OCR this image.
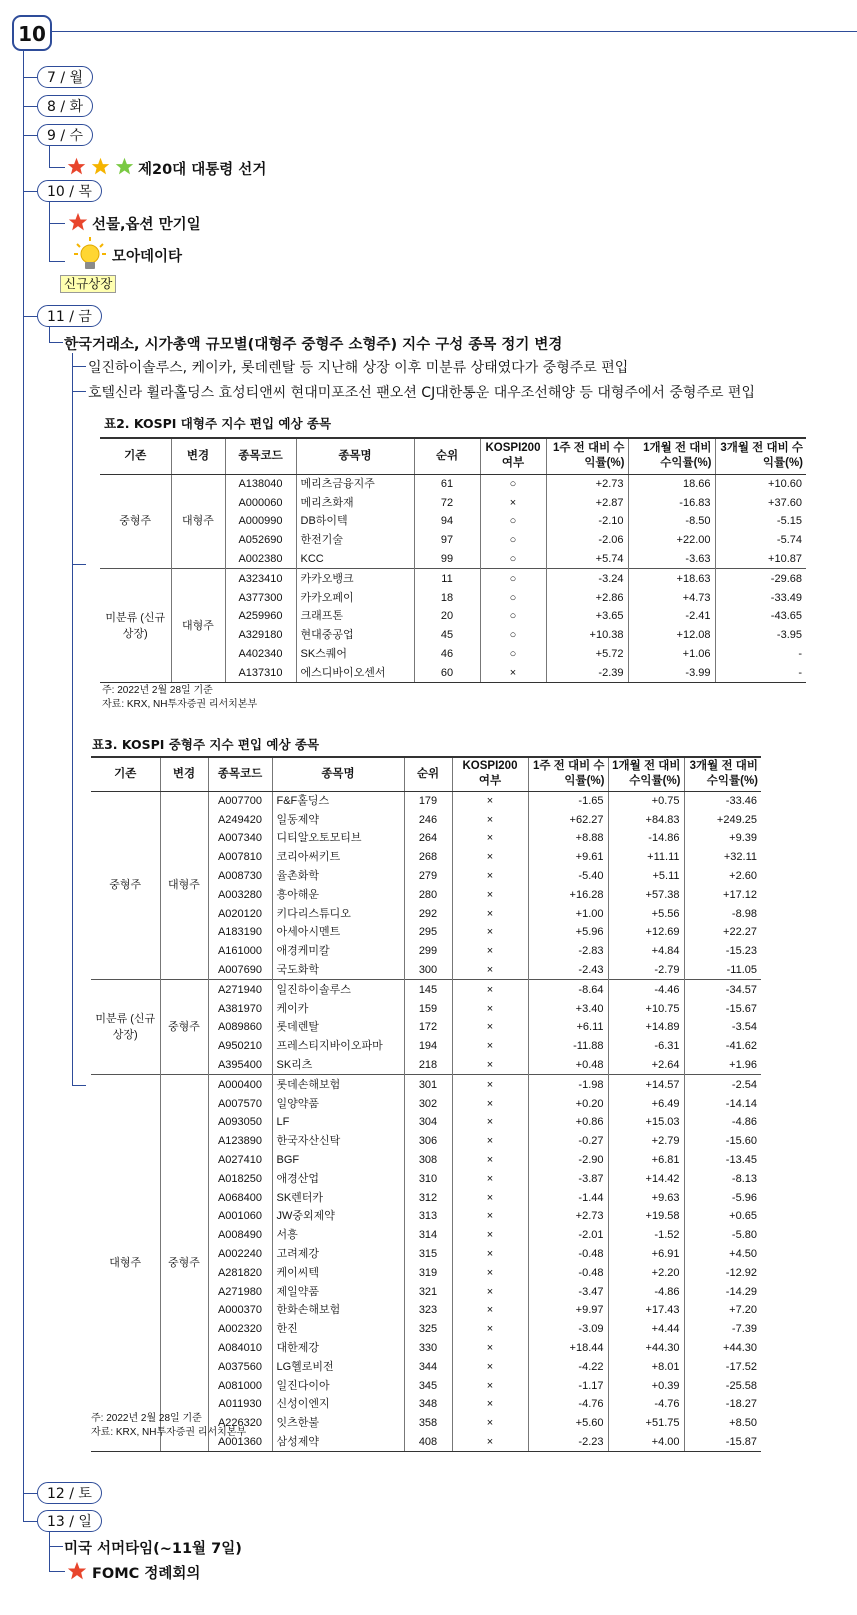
10
7 / 월
8 / 화
9 / 수
10 / 목
11 / 금
12 / 토
13 / 일

제20대 대통령 선거
선물,옵션 만기일
모아데이타
신규상장
한국거래소, 시가총액 규모별(대형주 중형주 소형주) 지수 구성 종목 정기 변경
일진하이솔루스, 케이카, 롯데렌탈 등 지난해 상장 이후 미분류 상태였다가 중형주로 편입
호텔신라 휠라홀딩스 효성티앤씨 현대미포조선 팬오션 CJ대한통운 대우조선해양 등 대형주에서 중형주로 편입
표2. KOSPI 대형주 지수 편입 예상 종목
기존	변경	종목코드	종목명	순위	KOSPI200 여부	1주 전 대비 수익률(%)	1개월 전 대비 수익률(%)	3개월 전 대비 수익률(%)
중형주	대형주	A138040	메리츠금융지주	61	○	+2.73	18.66	+10.60
		A000060	메리츠화재	72	×	+2.87	-16.83	+37.60
		A000990	DB하이텍	94	○	-2.10	-8.50	-5.15
		A052690	한전기술	97	○	-2.06	+22.00	-5.74
		A002380	KCC	99	○	+5.74	-3.63	+10.87
미분류 (신규상장)	대형주	A323410	카카오뱅크	11	○	-3.24	+18.63	-29.68
		A377300	카카오페이	18	○	+2.86	+4.73	-33.49
		A259960	크래프톤	20	○	+3.65	-2.41	-43.65
		A329180	현대중공업	45	○	+10.38	+12.08	-3.95
		A402340	SK스퀘어	46	○	+5.72	+1.06	-
		A137310	에스디바이오센서	60	×	-2.39	-3.99	-
주: 2022년 2월 28일 기준
자료: KRX, NH투자증권 리서치본부
표3. KOSPI 중형주 지수 편입 예상 종목
기존	변경	종목코드	종목명	순위	KOSPI200 여부	1주 전 대비 수익률(%)	1개월 전 대비 수익률(%)	3개월 전 대비 수익률(%)
중형주	대형주	A007700	F&F홀딩스	179	×	-1.65	+0.75	-33.46
		A249420	일동제약	246	×	+62.27	+84.83	+249.25
		A007340	디티알오토모티브	264	×	+8.88	-14.86	+9.39
		A007810	코리아써키트	268	×	+9.61	+11.11	+32.11
		A008730	율촌화학	279	×	-5.40	+5.11	+2.60
		A003280	흥아해운	280	×	+16.28	+57.38	+17.12
		A020120	키다리스튜디오	292	×	+1.00	+5.56	-8.98
		A183190	아세아시멘트	295	×	+5.96	+12.69	+22.27
		A161000	애경케미칼	299	×	-2.83	+4.84	-15.23
		A007690	국도화학	300	×	-2.43	-2.79	-11.05
미분류 (신규상장)	중형주	A271940	일진하이솔루스	145	×	-8.64	-4.46	-34.57
		A381970	케이카	159	×	+3.40	+10.75	-15.67
		A089860	롯데렌탈	172	×	+6.11	+14.89	-3.54
		A950210	프레스티지바이오파마	194	×	-11.88	-6.31	-41.62
		A395400	SK리츠	218	×	+0.48	+2.64	+1.96
대형주	중형주	A000400	롯데손해보험	301	×	-1.98	+14.57	-2.54
		A007570	일양약품	302	×	+0.20	+6.49	-14.14
		A093050	LF	304	×	+0.86	+15.03	-4.86
		A123890	한국자산신탁	306	×	-0.27	+2.79	-15.60
		A027410	BGF	308	×	-2.90	+6.81	-13.45
		A018250	애경산업	310	×	-3.87	+14.42	-8.13
		A068400	SK렌터카	312	×	-1.44	+9.63	-5.96
		A001060	JW중외제약	313	×	+2.73	+19.58	+0.65
		A008490	서흥	314	×	-2.01	-1.52	-5.80
		A002240	고려제강	315	×	-0.48	+6.91	+4.50
		A281820	케이씨텍	319	×	-0.48	+2.20	-12.92
		A271980	제일약품	321	×	-3.47	-4.86	-14.29
		A000370	한화손해보험	323	×	+9.97	+17.43	+7.20
		A002320	한진	325	×	-3.09	+4.44	-7.39
		A084010	대한제강	330	×	+18.44	+44.30	+44.30
		A037560	LG헬로비전	344	×	-4.22	+8.01	-17.52
		A081000	일진다이아	345	×	-1.17	+0.39	-25.58
		A011930	신성이엔지	348	×	-4.76	-4.76	-18.27
		A226320	잇츠한불	358	×	+5.60	+51.75	+8.50
		A001360	삼성제약	408	×	-2.23	+4.00	-15.87
주: 2022년 2월 28일 기준
자료: KRX, NH투자증권 리서치본부
미국 서머타임(~11월 7일)
FOMC 정례회의
